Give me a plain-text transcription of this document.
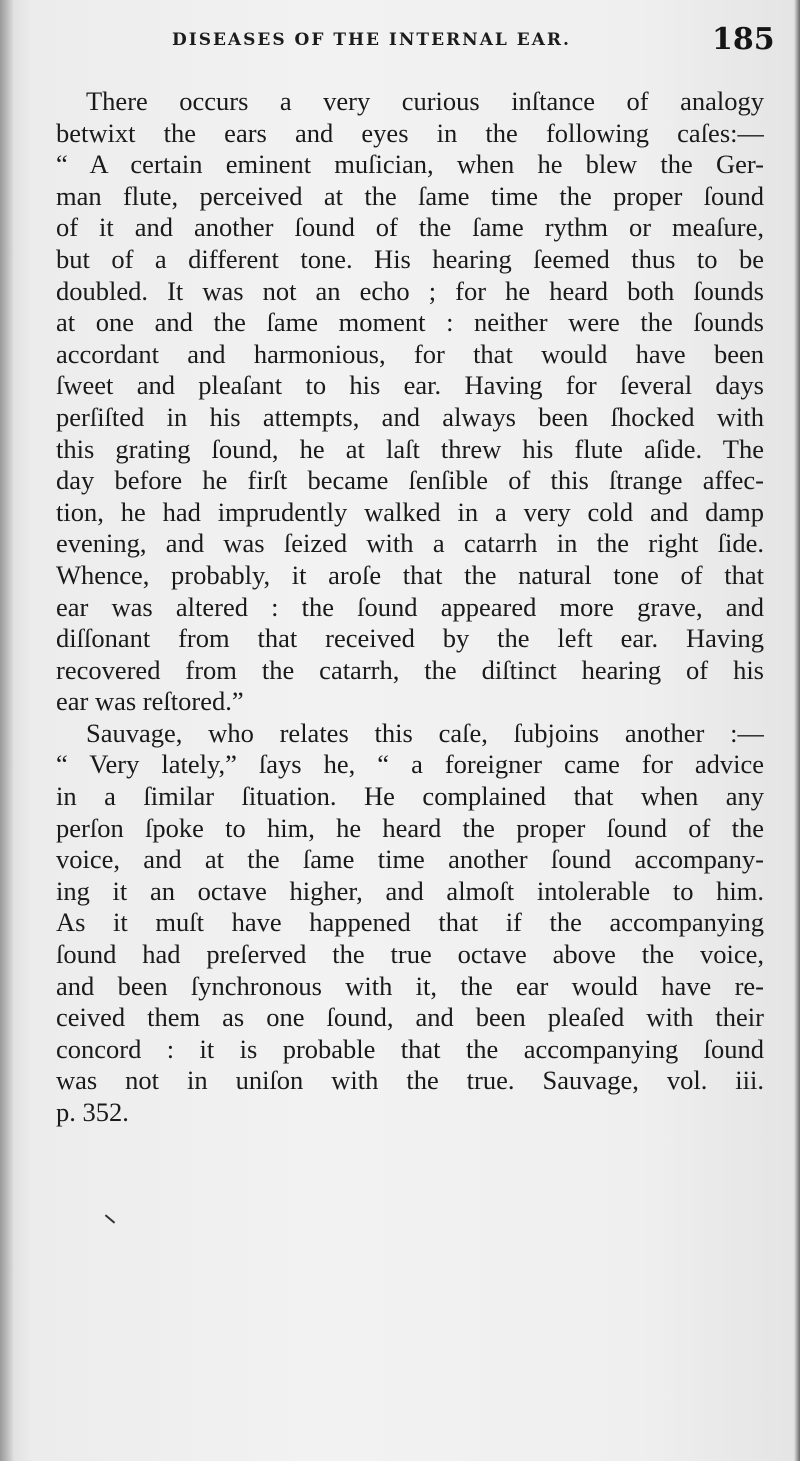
DISEASES OF THE INTERNAL EAR.	185
There occurs a very curious inſtance of analogy
betwixt the ears and eyes in the following caſes:—
“ A certain eminent muſician, when he blew the Ger-
man flute, perceived at the ſame time the proper ſound
of it and another ſound of the ſame rythm or meaſure,
but of a different tone. His hearing ſeemed thus to be
doubled. It was not an echo ; for he heard both ſounds
at one and the ſame moment : neither were the ſounds
accordant and harmonious, for that would have been
ſweet and pleaſant to his ear. Having for ſeveral days
perſiſted in his attempts, and always been ſhocked with
this grating ſound, he at laſt threw his flute aſide. The
day before he firſt became ſenſible of this ſtrange affec-
tion, he had imprudently walked in a very cold and damp
evening, and was ſeized with a catarrh in the right ſide.
Whence, probably, it aroſe that the natural tone of that
ear was altered : the ſound appeared more grave, and
diſſonant from that received by the left ear. Having
recovered from the catarrh, the diſtinct hearing of his
ear was reſtored.”
Sauvage, who relates this caſe, ſubjoins another :—
“ Very lately,” ſays he, “ a foreigner came for advice
in a ſimilar ſituation. He complained that when any
perſon ſpoke to him, he heard the proper ſound of the
voice, and at the ſame time another ſound accompany-
ing it an octave higher, and almoſt intolerable to him.
As it muſt have happened that if the accompanying
ſound had preſerved the true octave above the voice,
and been ſynchronous with it, the ear would have re-
ceived them as one ſound, and been pleaſed with their
concord : it is probable that the accompanying ſound
was not in uniſon with the true. Sauvage, vol. iii.
p. 352.
